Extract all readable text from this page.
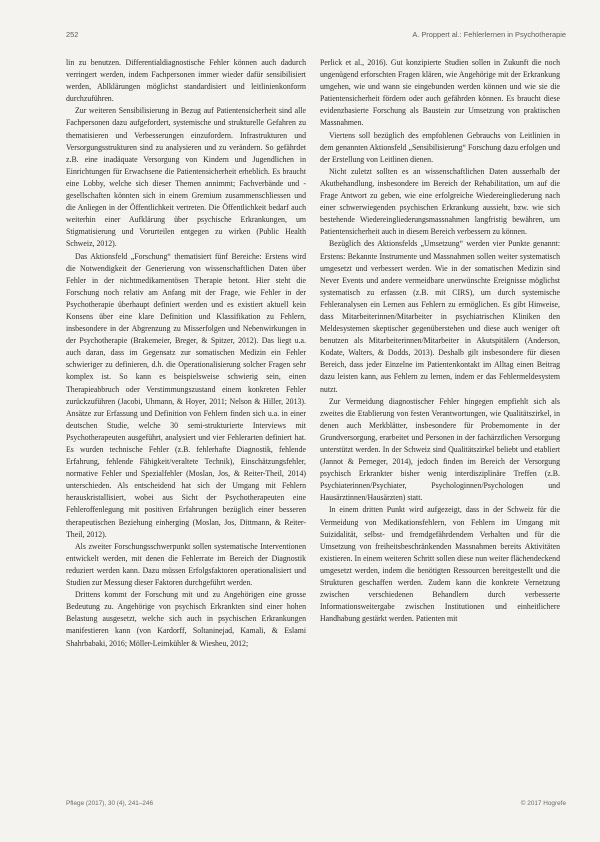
252	A. Proppert al.: Fehlerlernen in Psychotherapie

lin zu benutzen. Differentialdiagnostische Fehler können auch dadurch verringert werden, indem Fachpersonen immer wieder dafür sensibilisiert werden, Ablklärungen möglichst standardisiert und leitlinienkonform durchzuführen.

Zur weiteren Sensibilisierung in Bezug auf Patientensicherheit sind alle Fachpersonen dazu aufgefordert, systemische und strukturelle Gefahren zu thematisieren und Verbesserungen einzufordern. Infrastrukturen und Versorgungsstrukturen sind zu analysieren und zu verändern. So gefährdet z.B. eine inadäquate Versorgung von Kindern und Jugendlichen in Einrichtungen für Erwachsene die Patientensicherheit erheblich. Es braucht eine Lobby, welche sich dieser Themen annimmt; Fachverbände und -gesellschaften könnten sich in einem Gremium zusammenschliessen und die Anliegen in der Öffentlichkeit vertreten. Die Öffentlichkeit bedarf auch weiterhin einer Aufklärung über psychische Erkrankungen, um Stigmatisierung und Vorurteilen entgegen zu wirken (Public Health Schweiz, 2012).

Das Aktionsfeld „Forschung“ thematisiert fünf Bereiche: Erstens wird die Notwendigkeit der Generierung von wissenschaftlichen Daten über Fehler in der nichtmedikamentösen Therapie betont. Hier steht die Forschung noch relativ am Anfang mit der Frage, wie Fehler in der Psychotherapie überhaupt definiert werden und es existiert aktuell kein Konsens über eine klare Definition und Klassifikation zu Fehlern, insbesondere in der Abgrenzung zu Misserfolgen und Nebenwirkungen in der Psychotherapie (Brakemeier, Breger, & Spitzer, 2012). Das liegt u.a. auch daran, dass im Gegensatz zur somatischen Medizin ein Fehler schwieriger zu definieren, d.h. die Operationalisierung solcher Fragen sehr komplex ist. So kann es beispielsweise schwierig sein, einen Therapieabbruch oder Verstimmungszustand einem konkreten Fehler zurückzuführen (Jacobi, Uhmann, & Hoyer, 2011; Nelson & Hiller, 2013). Ansätze zur Erfassung und Definition von Fehlern finden sich u.a. in einer deutschen Studie, welche 30 semi-strukturierte Interviews mit Psychotherapeuten ausgeführt, analysiert und vier Fehlerarten definiert hat. Es wurden technische Fehler (z.B. fehlerhafte Diagnostik, fehlende Erfahrung, fehlende Fähigkeit/veraltete Technik), Einschätzungsfehler, normative Fehler und Spezialfehler (Moslan, Jos, & Reiter-Theil, 2014) unterschieden. Als entscheidend hat sich der Umgang mit Fehlern herauskristallisiert, wobei aus Sicht der Psychotherapeuten eine Fehleroffenlegung mit positiven Erfahrungen bezüglich einer besseren therapeutischen Beziehung einherging (Moslan, Jos, Dittmann, & Reiter-Theil, 2012).

Als zweiter Forschungsschwerpunkt sollen systematische Interventionen entwickelt werden, mit denen die Fehlerrate im Bereich der Diagnostik reduziert werden kann. Dazu müssen Erfolgsfaktoren operationalisiert und Studien zur Messung dieser Faktoren durchgeführt werden.

Drittens kommt der Forschung mit und zu Angehörigen eine grosse Bedeutung zu. Angehörige von psychisch Erkrankten sind einer hohen Belastung ausgesetzt, welche sich auch in psychischen Erkrankungen manifestieren kann (von Kardorff, Soltaninejad, Kamali, & Eslami Shahrbabaki, 2016; Möller-Leimkühler & Wiesheu, 2012;

Perlick et al., 2016). Gut konzipierte Studien sollen in Zukunft die noch ungenügend erforschten Fragen klären, wie Angehörige mit der Erkrankung umgehen, wie und wann sie eingebunden werden können und wie sie die Patientensicherheit fördern oder auch gefährden können. Es braucht diese evidenzbasierte Forschung als Baustein zur Umsetzung von praktischen Massnahmen.

Viertens soll bezüglich des empfohlenen Gebrauchs von Leitlinien in dem genannten Aktionsfeld „Sensibilisierung“ Forschung dazu erfolgen und der Erstellung von Leitlinen dienen.

Nicht zuletzt sollten es an wissenschaftlichen Daten ausserhalb der Akutbehandlung, insbesondere im Bereich der Rehabilitation, um auf die Frage Antwort zu geben, wie eine erfolgreiche Wiedereingliederung nach einer schwerwiegenden psychischen Erkrankung aussieht, bzw. wie sich bestehende Wiedereingliederungsmassnahmen langfristig bewähren, um Patientensicherheit auch in diesem Bereich verbessern zu können.

Bezüglich des Aktionsfelds „Umsetzung“ werden vier Punkte genannt: Erstens: Bekannte Instrumente und Massnahmen sollen weiter systematisch umgesetzt und verbessert werden. Wie in der somatischen Medizin sind Never Events und andere vermeidbare unerwünschte Ereignisse möglichst systematisch zu erfassen (z.B. mit CIRS), um durch systemische Fehleranalysen ein Lernen aus Fehlern zu ermöglichen. Es gibt Hinweise, dass Mitarbeiterinnen/Mitarbeiter in psychiatrischen Kliniken den Meldesystemen skeptischer gegenüberstehen und diese auch weniger oft benutzen als Mitarbeiterinnen/Mitarbeiter in Akutspitälern (Anderson, Kodate, Walters, & Dodds, 2013). Deshalb gilt insbesondere für diesen Bereich, dass jeder Einzelne im Patientenkontakt im Alltag einen Beitrag dazu leisten kann, aus Fehlern zu lernen, indem er das Fehlermeldesystem nutzt.

Zur Vermeidung diagnostischer Fehler hingegen empfiehlt sich als zweites die Etablierung von festen Verantwortungen, wie Qualitätszirkel, in denen auch Merkblätter, insbesondere für Probemomente in der Grundversorgung, erarbeitet und Personen in der fachärztlichen Versorgung unterstützt werden. In der Schweiz sind Qualitätszirkel beliebt und etabliert (Jannot & Perneger, 2014), jedoch finden im Bereich der Versorgung psychisch Erkrankter bisher wenig interdisziplinäre Treffen (z.B. Psychiaterinnen/Psychiater, Psychologinnen/Psychologen und Hausärztinnen/Hausärzten) statt.

In einem dritten Punkt wird aufgezeigt, dass in der Schweiz für die Vermeidung von Medikationsfehlern, von Fehlern im Umgang mit Suizidalität, selbst- und fremdgefährdendem Verhalten und für die Umsetzung von freiheitsbeschränkenden Massnahmen bereits Aktivitäten existieren. In einem weiteren Schritt sollen diese nun weiter flächendeckend umgesetzt werden, indem die benötigten Ressourcen bereitgestellt und die Strukturen geschaffen werden. Zudem kann die konkrete Vernetzung zwischen verschiedenen Behandlern durch verbesserte Informationsweitergabe zwischen Institutionen und einheitlichere Handhabung gestärkt werden. Patienten mit

Pflege (2017), 30 (4), 241–246	© 2017 Hogrefe
